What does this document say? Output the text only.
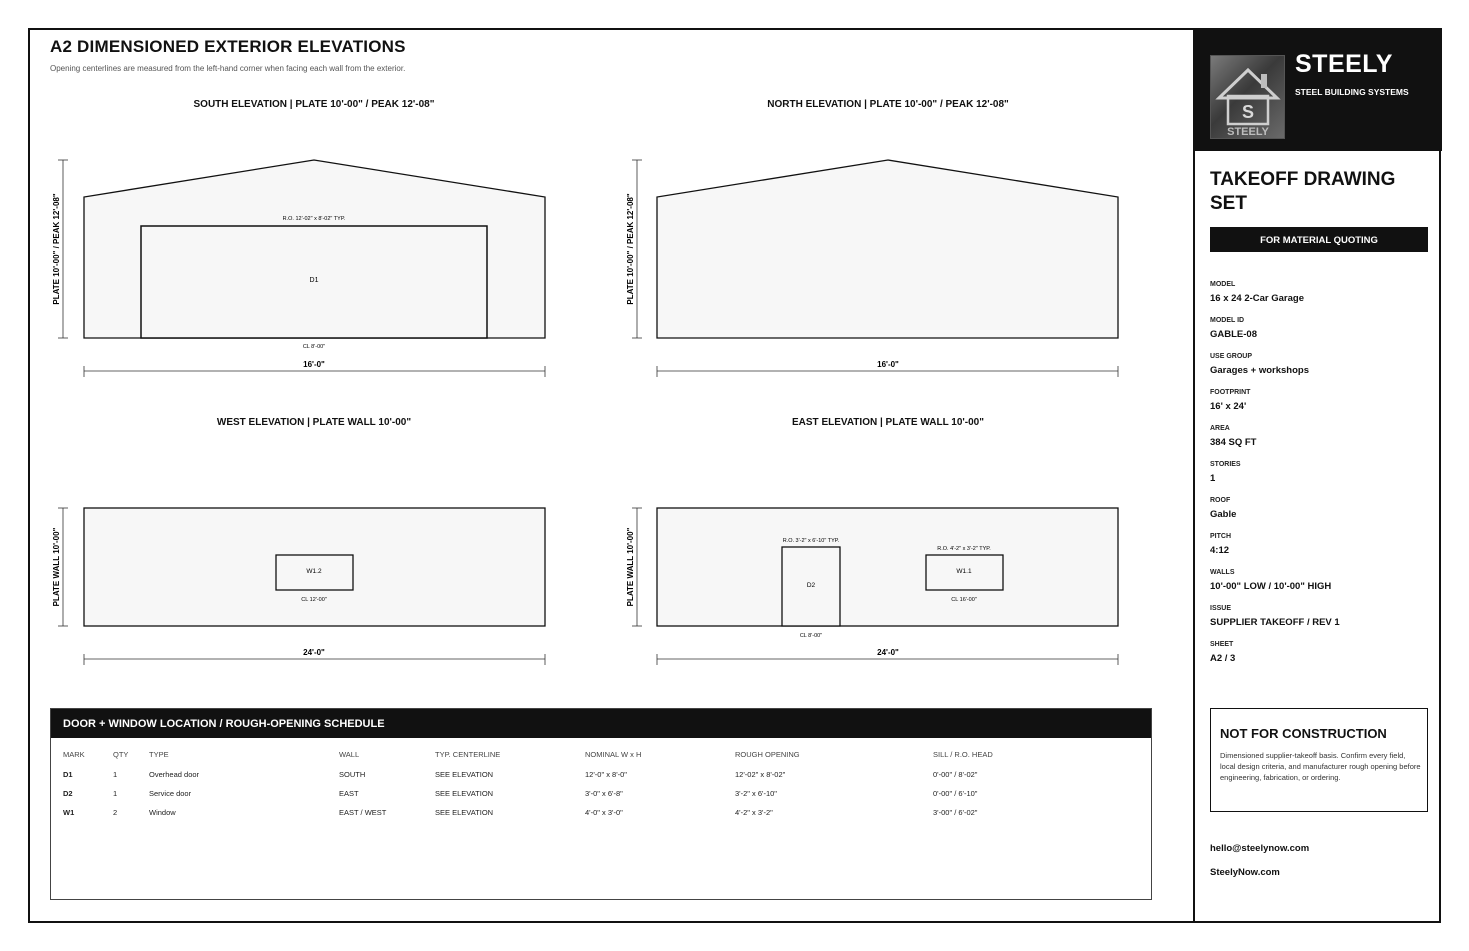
A2 DIMENSIONED EXTERIOR ELEVATIONS
Opening centerlines are measured from the left-hand corner when facing each wall from the exterior.
SOUTH ELEVATION | PLATE 10'-00" / PEAK 12'-08"	NORTH ELEVATION | PLATE 10'-00" / PEAK 12'-08"
WEST ELEVATION | PLATE WALL 10'-00"	EAST ELEVATION | PLATE WALL 10'-00"
D1
R.O. 12'-02" x 8'-02" TYP.
CL 8'-00"
PLATE 10'-00" / PEAK 12'-08"
16'-0"
PLATE 10'-00" / PEAK 12'-08"
16'-0"
W1.2
CL 12'-00"
PLATE WALL 10'-00"
24'-0"
D2
R.O. 3'-2" x 6'-10" TYP.
CL 8'-00"
W1.1
R.O. 4'-2" x 3'-2" TYP.
CL 16'-00"
PLATE WALL 10'-00"
24'-0"
DOOR + WINDOW LOCATION / ROUGH-OPENING SCHEDULE
MARK	QTY	TYPE	WALL	TYP. CENTERLINE	NOMINAL W x H	ROUGH OPENING	SILL / R.O. HEAD
D1	1	Overhead door	SOUTH	SEE ELEVATION	12'-0" x 8'-0"	12'-02" x 8'-02"	0'-00" / 8'-02"
D2	1	Service door	EAST	SEE ELEVATION	3'-0" x 6'-8"	3'-2" x 6'-10"	0'-00" / 6'-10"
W1	2	Window	EAST / WEST	SEE ELEVATION	4'-0" x 3'-0"	4'-2" x 3'-2"	3'-00" / 6'-02"
S
STEELY
STEELY
STEEL BUILDING SYSTEMS
TAKEOFF DRAWING SET
FOR MATERIAL QUOTING
MODEL
16 x 24 2-Car Garage
MODEL ID
GABLE-08
USE GROUP
Garages + workshops
FOOTPRINT
16' x 24'
AREA
384 SQ FT
STORIES
1
ROOF
Gable
PITCH
4:12
WALLS
10'-00" LOW / 10'-00" HIGH
ISSUE
SUPPLIER TAKEOFF / REV 1
SHEET
A2 / 3
NOT FOR CONSTRUCTION
Dimensioned supplier-takeoff basis. Confirm every field, local design criteria, and manufacturer rough opening before engineering, fabrication, or ordering.
hello@steelynow.com
SteelyNow.com
